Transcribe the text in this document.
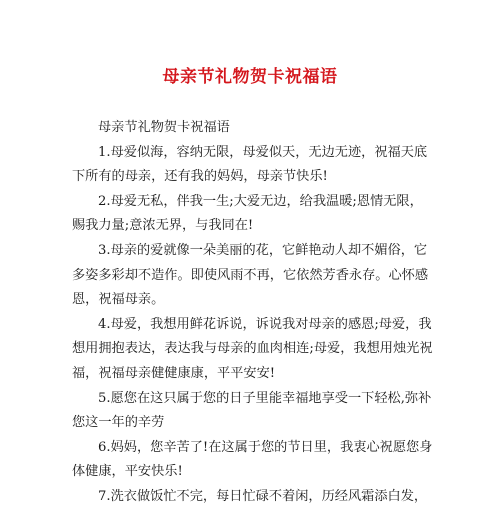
母亲节礼物贺卡祝福语

母亲节礼物贺卡祝福语

1.母爱似海，容纳无限，母爱似天，无边无迹，祝福天底下所有的母亲，还有我的妈妈，母亲节快乐!

2.母爱无私，伴我一生;大爱无边，给我温暖;恩情无限，赐我力量;意浓无界，与我同在!

3.母亲的爱就像一朵美丽的花，它鲜艳动人却不媚俗，它多姿多彩却不造作。即使风雨不再，它依然芳香永存。心怀感恩，祝福母亲。

4.母爱，我想用鲜花诉说，诉说我对母亲的感恩;母爱，我想用拥抱表达，表达我与母亲的血肉相连;母爱，我想用烛光祝福，祝福母亲健健康康，平平安安!

5.愿您在这只属于您的日子里能幸福地享受一下轻松,弥补您这一年的辛劳

6.妈妈，您辛苦了!在这属于您的节日里，我衷心祝愿您身体健康，平安快乐!

7.洗衣做饭忙不完，每日忙碌不着闲，历经风霜添白发，
